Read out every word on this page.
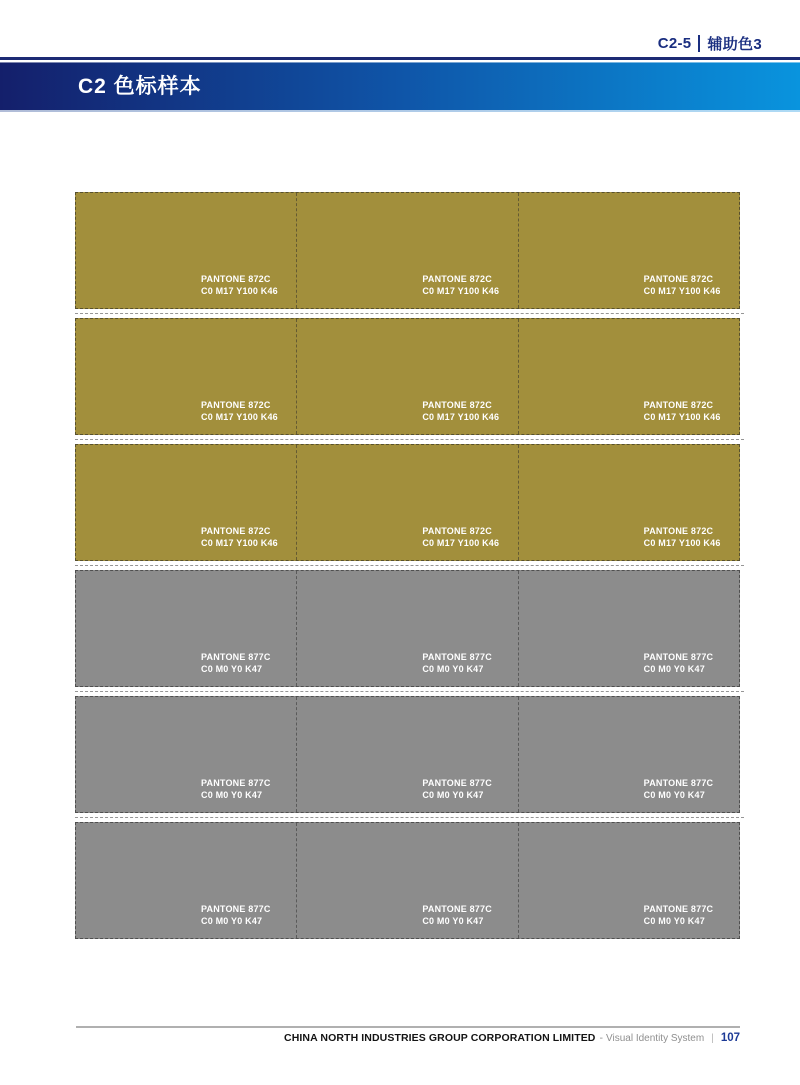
C2-5 辅助色3
C2 色标样本
PANTONE 872C
C0 M17 Y100 K46
PANTONE 872C
C0 M17 Y100 K46
PANTONE 872C
C0 M17 Y100 K46
PANTONE 872C
C0 M17 Y100 K46
PANTONE 872C
C0 M17 Y100 K46
PANTONE 872C
C0 M17 Y100 K46
PANTONE 872C
C0 M17 Y100 K46
PANTONE 872C
C0 M17 Y100 K46
PANTONE 872C
C0 M17 Y100 K46
PANTONE 877C
C0 M0 Y0 K47
PANTONE 877C
C0 M0 Y0 K47
PANTONE 877C
C0 M0 Y0 K47
PANTONE 877C
C0 M0 Y0 K47
PANTONE 877C
C0 M0 Y0 K47
PANTONE 877C
C0 M0 Y0 K47
PANTONE 877C
C0 M0 Y0 K47
PANTONE 877C
C0 M0 Y0 K47
PANTONE 877C
C0 M0 Y0 K47
CHINA NORTH INDUSTRIES GROUP CORPORATION LIMITED - Visual Identity System | 107
